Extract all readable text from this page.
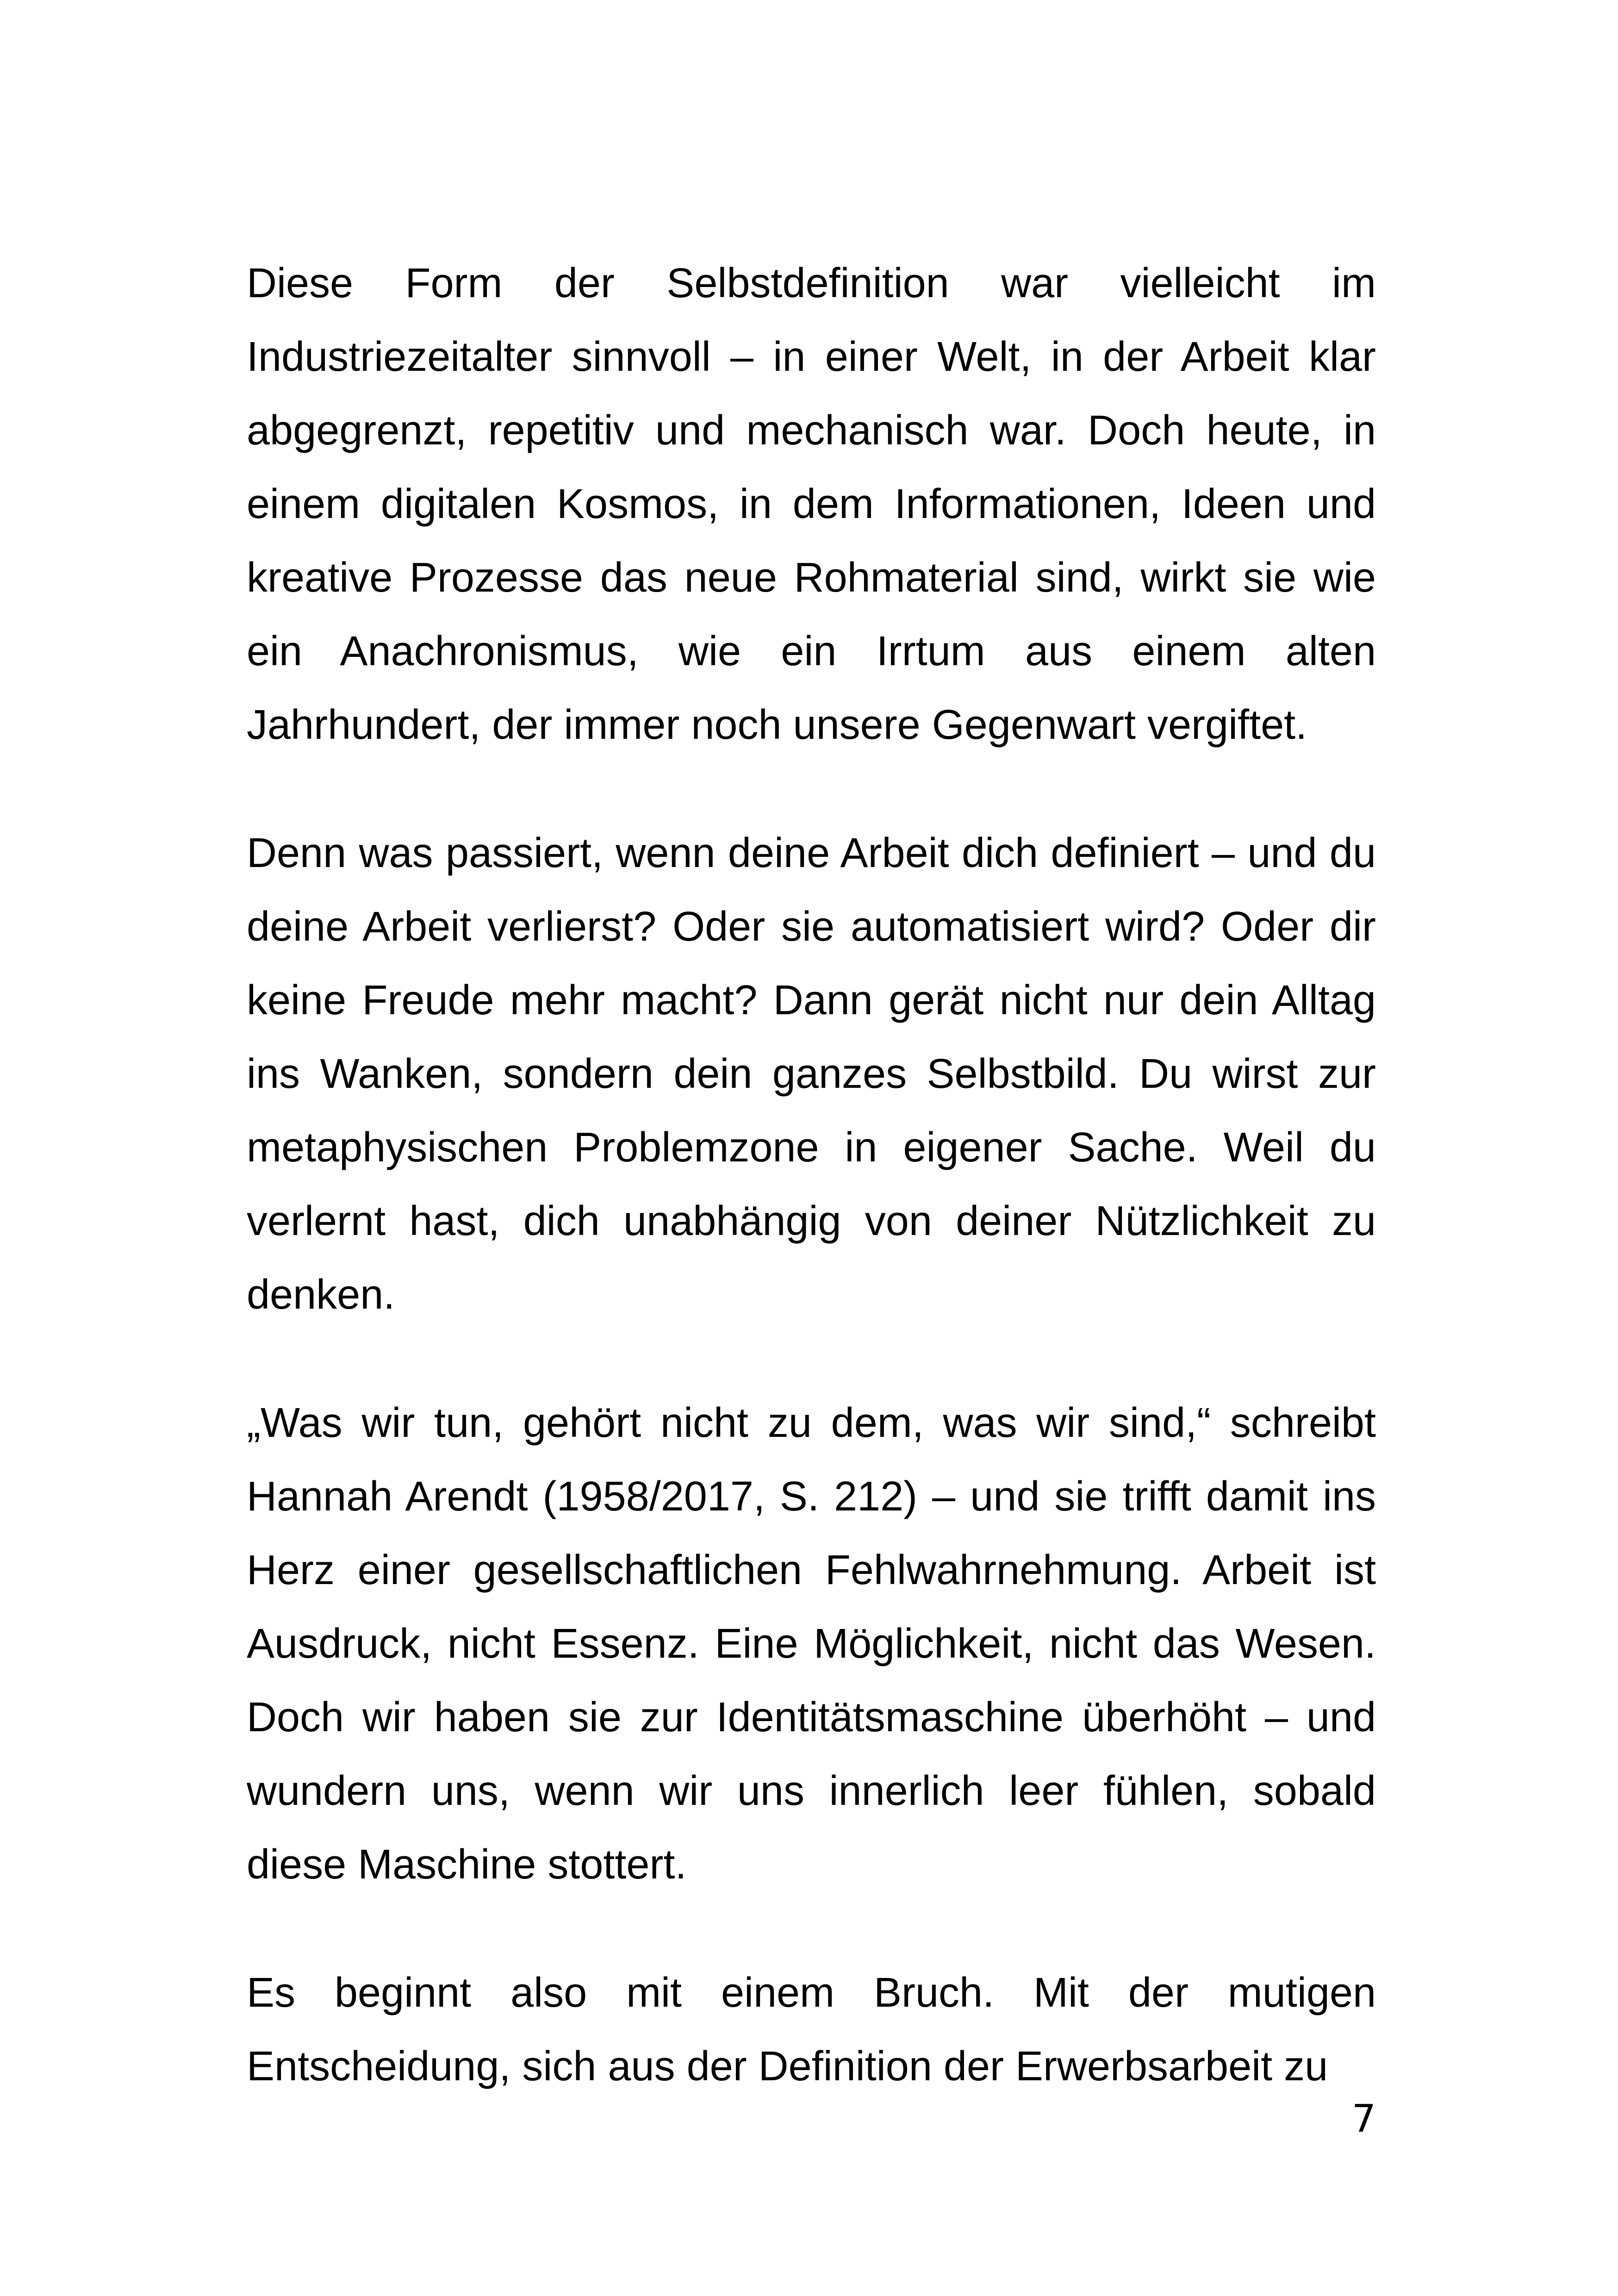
Diese Form der Selbstdefinition war vielleicht im Industriezeitalter sinnvoll – in einer Welt, in der Arbeit klar abgegrenzt, repetitiv und mechanisch war. Doch heute, in einem digitalen Kosmos, in dem Informationen, Ideen und kreative Prozesse das neue Rohmaterial sind, wirkt sie wie ein Anachronismus, wie ein Irrtum aus einem alten Jahrhundert, der immer noch unsere Gegenwart vergiftet.

Denn was passiert, wenn deine Arbeit dich definiert – und du deine Arbeit verlierst? Oder sie automatisiert wird? Oder dir keine Freude mehr macht? Dann gerät nicht nur dein Alltag ins Wanken, sondern dein ganzes Selbstbild. Du wirst zur metaphysischen Problemzone in eigener Sache. Weil du verlernt hast, dich unabhängig von deiner Nützlichkeit zu denken.

„Was wir tun, gehört nicht zu dem, was wir sind,“ schreibt Hannah Arendt (1958/2017, S. 212) – und sie trifft damit ins Herz einer gesellschaftlichen Fehlwahrnehmung. Arbeit ist Ausdruck, nicht Essenz. Eine Möglichkeit, nicht das Wesen. Doch wir haben sie zur Identitätsmaschine überhöht – und wundern uns, wenn wir uns innerlich leer fühlen, sobald diese Maschine stottert.

Es beginnt also mit einem Bruch. Mit der mutigen Entscheidung, sich aus der Definition der Erwerbsarbeit zu

7
